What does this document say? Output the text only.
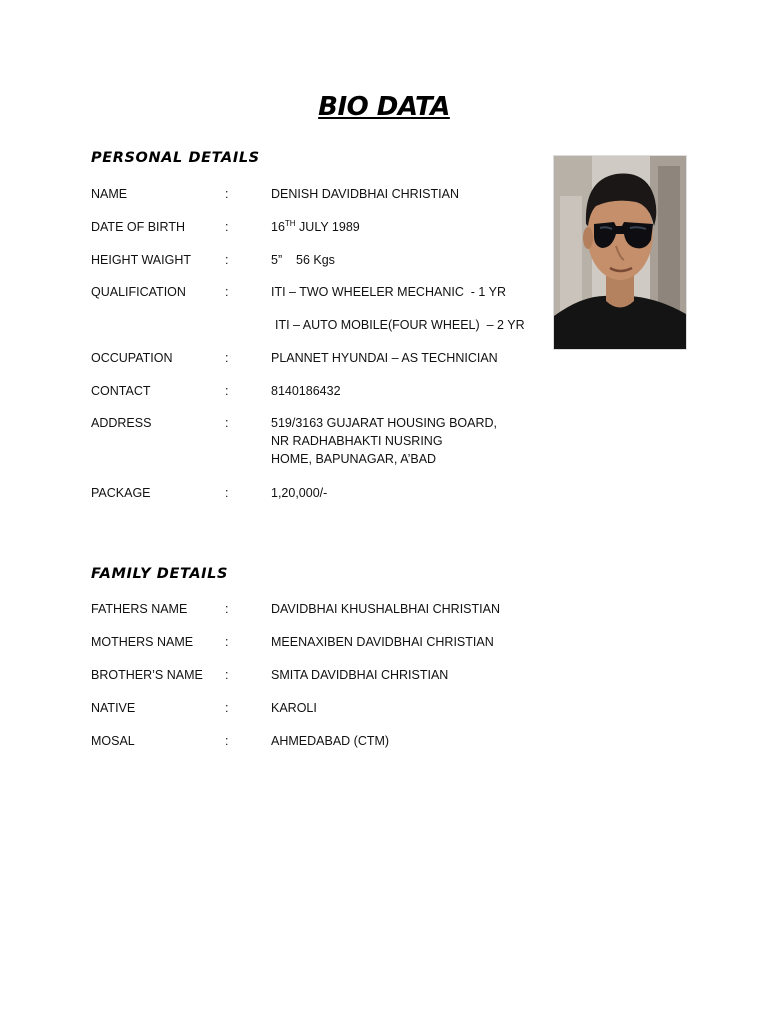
BIO DATA
PERSONAL DETAILS
NAME	:	DENISH DAVIDBHAI CHRISTIAN
DATE OF BIRTH	:	16TH JULY 1989
HEIGHT WAIGHT	:	5”    56 Kgs
QUALIFICATION	:	ITI – TWO WHEELER MECHANIC  - 1 YR
ITI – AUTO MOBILE(FOUR WHEEL)  – 2 YR
OCCUPATION	:	PLANNET HYUNDAI – AS TECHNICIAN
CONTACT	:	8140186432
ADDRESS	:	519/3163 GUJARAT HOUSING BOARD,
NR RADHABHAKTI NUSRING
HOME, BAPUNAGAR, A’BAD
PACKAGE	:	1,20,000/-
FAMILY DETAILS
FATHERS NAME	:	DAVIDBHAI KHUSHALBHAI CHRISTIAN
MOTHERS NAME	:	MEENAXIBEN DAVIDBHAI CHRISTIAN
BROTHER’S NAME	:	SMITA DAVIDBHAI CHRISTIAN
NATIVE	:	KAROLI
MOSAL	:	AHMEDABAD (CTM)
